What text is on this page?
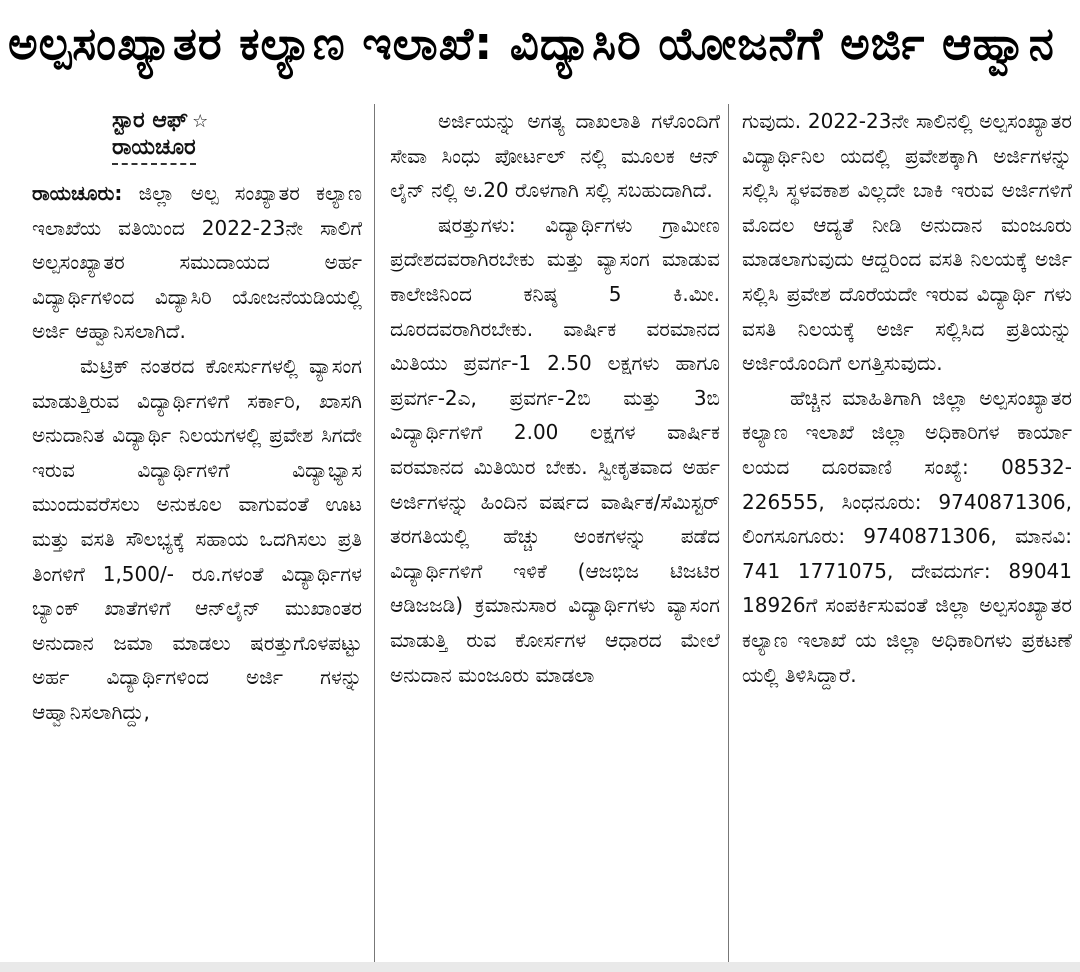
ಅಲ್ಪಸಂಖ್ಯಾತರ ಕಲ್ಯಾಣ ಇಲಾಖೆ: ವಿದ್ಯಾಸಿರಿ ಯೋಜನೆಗೆ ಅರ್ಜಿ ಆಹ್ವಾನ
ಸ್ಟಾರ ಆಫ್ ☆
ರಾಯಚೂರ

ರಾಯಚೂರು: ಜಿಲ್ಲಾ ಅಲ್ಪ ಸಂಖ್ಯಾತರ ಕಲ್ಯಾಣ ಇಲಾಖೆಯ ವತಿಯಿಂದ 2022-23ನೇ ಸಾಲಿಗೆ ಅಲ್ಪಸಂಖ್ಯಾತರ ಸಮುದಾಯದ ಅರ್ಹ ವಿದ್ಯಾರ್ಥಿಗಳಿಂದ ವಿದ್ಯಾಸಿರಿ ಯೋಜನೆಯಡಿಯಲ್ಲಿ ಅರ್ಜಿ ಆಹ್ವಾನಿಸಲಾಗಿದೆ.

ಮೆಟ್ರಿಕ್ ನಂತರದ ಕೋರ್ಸುಗಳಲ್ಲಿ ವ್ಯಾಸಂಗ ಮಾಡುತ್ತಿರುವ ವಿದ್ಯಾರ್ಥಿಗಳಿಗೆ ಸರ್ಕಾರಿ, ಖಾಸಗಿ ಅನುದಾನಿತ ವಿದ್ಯಾರ್ಥಿ ನಿಲಯಗಳಲ್ಲಿ ಪ್ರವೇಶ ಸಿಗದೇ ಇರುವ ವಿದ್ಯಾರ್ಥಿಗಳಿಗೆ ವಿದ್ಯಾಭ್ಯಾಸ ಮುಂದುವರೆಸಲು ಅನುಕೂಲ ವಾಗುವಂತೆ ಊಟ ಮತ್ತು ವಸತಿ ಸೌಲಭ್ಯಕ್ಕೆ ಸಹಾಯ ಒದಗಿಸಲು ಪ್ರತಿ ತಿಂಗಳಿಗೆ 1,500/- ರೂ.ಗಳಂತೆ ವಿದ್ಯಾರ್ಥಿಗಳ ಬ್ಯಾಂಕ್ ಖಾತೆಗಳಿಗೆ ಆನ್‌ಲೈನ್ ಮುಖಾಂತರ ಅನುದಾನ ಜಮಾ ಮಾಡಲು ಷರತ್ತುಗೊಳಪಟ್ಟು ಅರ್ಹ ವಿದ್ಯಾರ್ಥಿಗಳಿಂದ ಅರ್ಜಿ ಗಳನ್ನು ಆಹ್ವಾನಿಸಲಾಗಿದ್ದು,

ಅರ್ಜಿಯನ್ನು ಅಗತ್ಯ ದಾಖಲಾತಿ ಗಳೊಂದಿಗೆ ಸೇವಾ ಸಿಂಧು ಪೋರ್ಟಲ್ ನಲ್ಲಿ ಮೂಲಕ ಆನ್ ಲೈನ್ ನಲ್ಲಿ ಅ.20 ರೊಳಗಾಗಿ ಸಲ್ಲಿ ಸಬಹುದಾಗಿದೆ.

ಷರತ್ತುಗಳು: ವಿದ್ಯಾರ್ಥಿಗಳು ಗ್ರಾಮೀಣ ಪ್ರದೇಶದವರಾಗಿರಬೇಕು ಮತ್ತು ವ್ಯಾಸಂಗ ಮಾಡುವ ಕಾಲೇಜಿನಿಂದ ಕನಿಷ್ಠ 5 ಕಿ.ಮೀ. ದೂರದವರಾಗಿರಬೇಕು. ವಾರ್ಷಿಕ ವರಮಾನದ ಮಿತಿಯು ಪ್ರವರ್ಗ-1 2.50 ಲಕ್ಷಗಳು ಹಾಗೂ ಪ್ರವರ್ಗ-2ಎ, ಪ್ರವರ್ಗ-2ಬಿ ಮತ್ತು 3ಬಿ ವಿದ್ಯಾರ್ಥಿಗಳಿಗೆ 2.00 ಲಕ್ಷಗಳ ವಾರ್ಷಿಕ ವರಮಾನದ ಮಿತಿಯಿರ ಬೇಕು. ಸ್ವೀಕೃತವಾದ ಅರ್ಹ ಅರ್ಜಿಗಳನ್ನು ಹಿಂದಿನ ವರ್ಷದ ವಾರ್ಷಿಕ/ಸೆಮಿಸ್ಟರ್ ತರಗತಿಯಲ್ಲಿ ಹೆಚ್ಚು ಅಂಕಗಳನ್ನು ಪಡೆದ ವಿದ್ಯಾರ್ಥಿಗಳಿಗೆ ಇಳಿಕೆ (ಆಜಭಿಜ ಟಿಜಟಿರ ಆಡಿಜಜಡಿ) ಕ್ರಮಾನುಸಾರ ವಿದ್ಯಾರ್ಥಿಗಳು ವ್ಯಾಸಂಗ ಮಾಡುತ್ತಿ ರುವ ಕೋರ್ಸಗಳ ಆಧಾರದ ಮೇಲೆ ಅನುದಾನ ಮಂಜೂರು ಮಾಡಲಾ

ಗುವುದು. 2022-23ನೇ ಸಾಲಿನಲ್ಲಿ ಅಲ್ಪಸಂಖ್ಯಾತರ ವಿದ್ಯಾರ್ಥಿನಿಲ ಯದಲ್ಲಿ ಪ್ರವೇಶಕ್ಕಾಗಿ ಅರ್ಜಿಗಳನ್ನು ಸಲ್ಲಿಸಿ ಸ್ಥಳವಕಾಶ ವಿಲ್ಲದೇ ಬಾಕಿ ಇರುವ ಅರ್ಜಿಗಳಿಗೆ ಮೊದಲ ಆದ್ಯತೆ ನೀಡಿ ಅನುದಾನ ಮಂಜೂರು ಮಾಡಲಾಗುವುದು ಆದ್ದರಿಂದ ವಸತಿ ನಿಲಯಕ್ಕೆ ಅರ್ಜಿ ಸಲ್ಲಿಸಿ ಪ್ರವೇಶ ದೊರೆಯದೇ ಇರುವ ವಿದ್ಯಾರ್ಥಿ ಗಳು ವಸತಿ ನಿಲಯಕ್ಕೆ ಅರ್ಜಿ ಸಲ್ಲಿಸಿದ ಪ್ರತಿಯನ್ನು ಅರ್ಜಿಯೊಂದಿಗೆ ಲಗತ್ತಿಸುವುದು.

ಹೆಚ್ಚಿನ ಮಾಹಿತಿಗಾಗಿ ಜಿಲ್ಲಾ ಅಲ್ಪಸಂಖ್ಯಾತರ ಕಲ್ಯಾಣ ಇಲಾಖೆ ಜಿಲ್ಲಾ ಅಧಿಕಾರಿಗಳ ಕಾರ್ಯಾ ಲಯದ ದೂರವಾಣಿ ಸಂಖ್ಯೆ: 08532-226555, ಸಿಂಧನೂರು: 9740871306, ಲಿಂಗಸೂಗೂರು: 9740871306, ಮಾನವಿ: 741 1771075, ದೇವದುರ್ಗ: 89041 18926ಗೆ ಸಂಪರ್ಕಿಸುವಂತೆ ಜಿಲ್ಲಾ ಅಲ್ಪಸಂಖ್ಯಾತರ ಕಲ್ಯಾಣ ಇಲಾಖೆ ಯ ಜಿಲ್ಲಾ ಅಧಿಕಾರಿಗಳು ಪ್ರಕಟಣೆ ಯಲ್ಲಿ ತಿಳಿಸಿದ್ದಾರೆ.
